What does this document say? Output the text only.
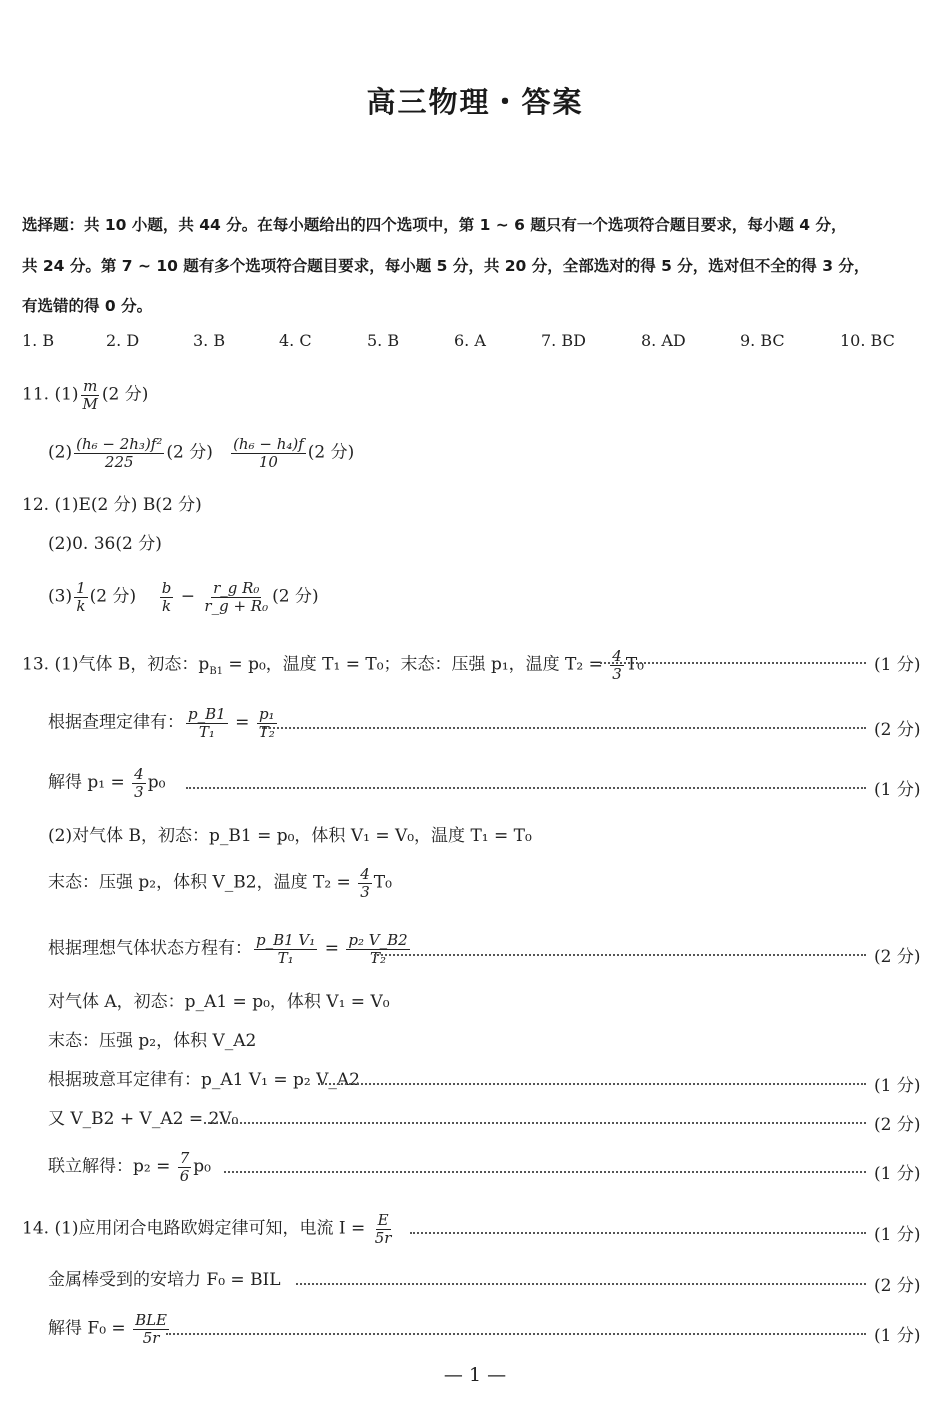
高三物理・答案
选择题：共 10 小题，共 44 分。在每小题给出的四个选项中，第 1 ~ 6 题只有一个选项符合题目要求，每小题 4 分，
共 24 分。第 7 ~ 10 题有多个选项符合题目要求，每小题 5 分，共 20 分，全部选对的得 5 分，选对但不全的得 3 分，
有选错的得 0 分。
1. B	2. D	3. B	4. C	5. B	6. A	7. BD	8. AD	9. BC	10. BC
11. $(1) \frac{m}{M} (2$ 分)
$(2) \frac{\text{(h₆ − 2h₃)f²}}{225} (2$ 分) $\frac{\text{(h₆ − h₄)f}}{10} (2$ 分)
12. (1)E(2 分) B(2 分)
(2)0. 36(2 分)
$(3) \frac{1}{k} (2$ 分) $\frac{b}{k} - \frac{\text{r\_g R₀}}{\text{r\_g + R₀}} (2$ 分)
13. (1)气体 B，初态：$p_{B1} = p_0$，温度 T₁ = T₀；末态：压强 p₁，温度 $T_2 = \frac{4}{3} T_0$	(1 分)
根据查理定律有： $\frac{p\_B1}{\text{T₁}} = \frac{\text{p₁}}{\text{T₂}}$	(2 分)
解得 $p_1 = \frac{4}{3} p_0$	(1 分)
(2)对气体 B，初态：p_B1 = p₀，体积 V₁ = V₀，温度 T₁ = T₀
末态：压强 p₂，体积 V_B2，温度 $T_2 = \frac{4}{3} T_0$
根据理想气体状态方程有： $\frac{\text{p\_B1 V₁}}{\text{T₁}} = \frac{\text{p₂ V\_B2}}{\text{T₂}}$	(2 分)
对气体 A，初态：p_A1 = p₀，体积 V₁ = V₀
末态：压强 p₂，体积 V_A2
根据玻意耳定律有：p_A1 V₁ = p₂ V_A2	(1 分)
又 V_B2 + V_A2 = 2V₀	(2 分)
联立解得：$p_2 = \frac{7}{6} p_0$	(1 分)
14. (1)应用闭合电路欧姆定律可知，电流 $I = \frac{E}{5r}$	(1 分)
金属棒受到的安培力 F₀ = BIL	(2 分)
解得 $F_0 = \frac{\text{BLE}}{5r}$	(1 分)
— 1 —
